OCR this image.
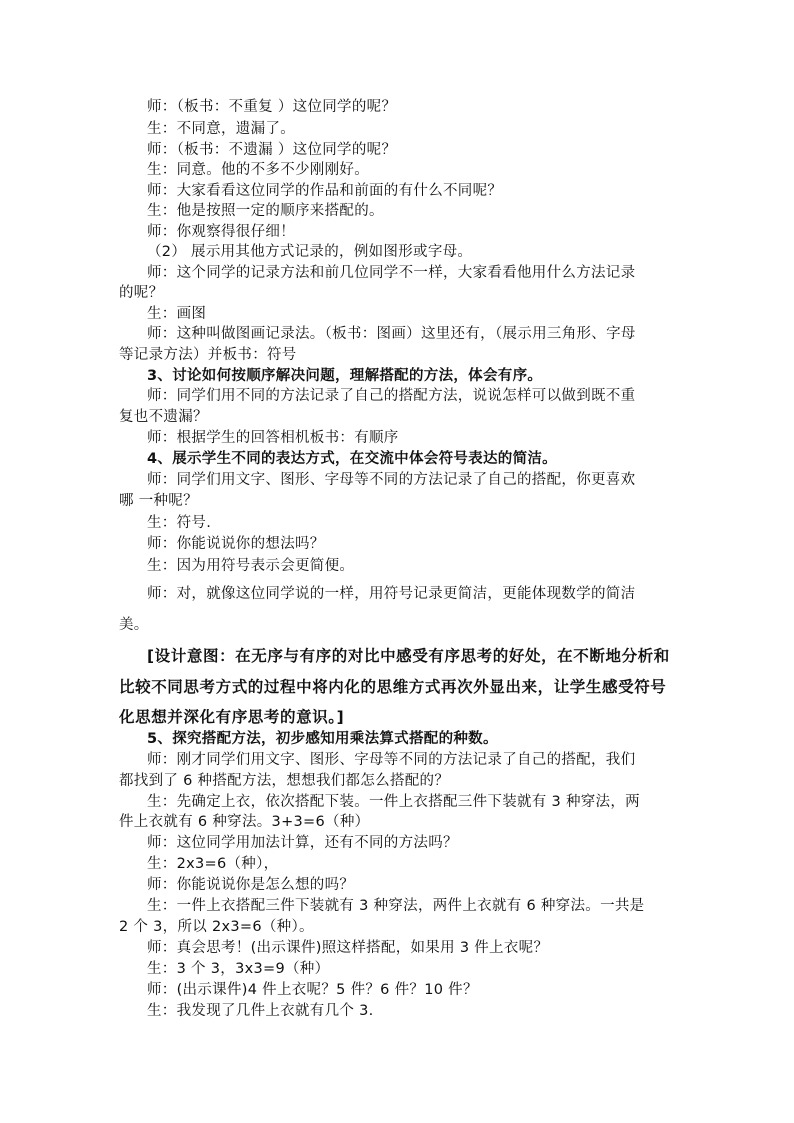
师：（板书：不重复 ）这位同学的呢？

生：不同意，遗漏了。

师：（板书：不遗漏 ）这位同学的呢？

生：同意。他的不多不少刚刚好。

师：大家看看这位同学的作品和前面的有什么不同呢？

生：他是按照一定的顺序来搭配的。

师：你观察得很仔细！

（2） 展示用其他方式记录的，例如图形或字母。

师：这个同学的记录方法和前几位同学不一样，大家看看他用什么方法记录

的呢？

生：画图

师：这种叫做图画记录法。（板书：图画）这里还有，（展示用三角形、字母

等记录方法）并板书：符号

3、讨论如何按顺序解决问题，理解搭配的方法，体会有序。

师：同学们用不同的方法记录了自己的搭配方法，说说怎样可以做到既不重

复也不遗漏？

师：根据学生的回答相机板书：有顺序

4、展示学生不同的表达方式，在交流中体会符号表达的简洁。

师：同学们用文字、图形、字母等不同的方法记录了自己的搭配，你更喜欢

哪 一种呢？

生：符号.

师：你能说说你的想法吗？

生：因为用符号表示会更简便。

师：对，就像这位同学说的一样，用符号记录更简洁，更能体现数学的简洁

美。

[设计意图：在无序与有序的对比中感受有序思考的好处，在不断地分析和

比较不同思考方式的过程中将内化的思维方式再次外显出来，让学生感受符号

化思想并深化有序思考的意识。]

5、探究搭配方法，初步感知用乘法算式搭配的种数。

师：刚才同学们用文字、图形、字母等不同的方法记录了自己的搭配，我们

都找到了 6 种搭配方法，想想我们都怎么搭配的？

生：先确定上衣，依次搭配下装。一件上衣搭配三件下装就有 3 种穿法，两

件上衣就有 6 种穿法。3+3=6（种）

师：这位同学用加法计算，还有不同的方法吗？

生：2x3=6（种），

师：你能说说你是怎么想的吗？

生：一件上衣搭配三件下装就有 3 种穿法，两件上衣就有 6 种穿法。一共是

2 个 3，所以 2x3=6（种）。

师：真会思考！(出示课件)照这样搭配，如果用 3 件上衣呢？

生：3 个 3，3x3=9（种）

师：(出示课件)4 件上衣呢？5 件？6 件？10 件？

生：我发现了几件上衣就有几个 3.
